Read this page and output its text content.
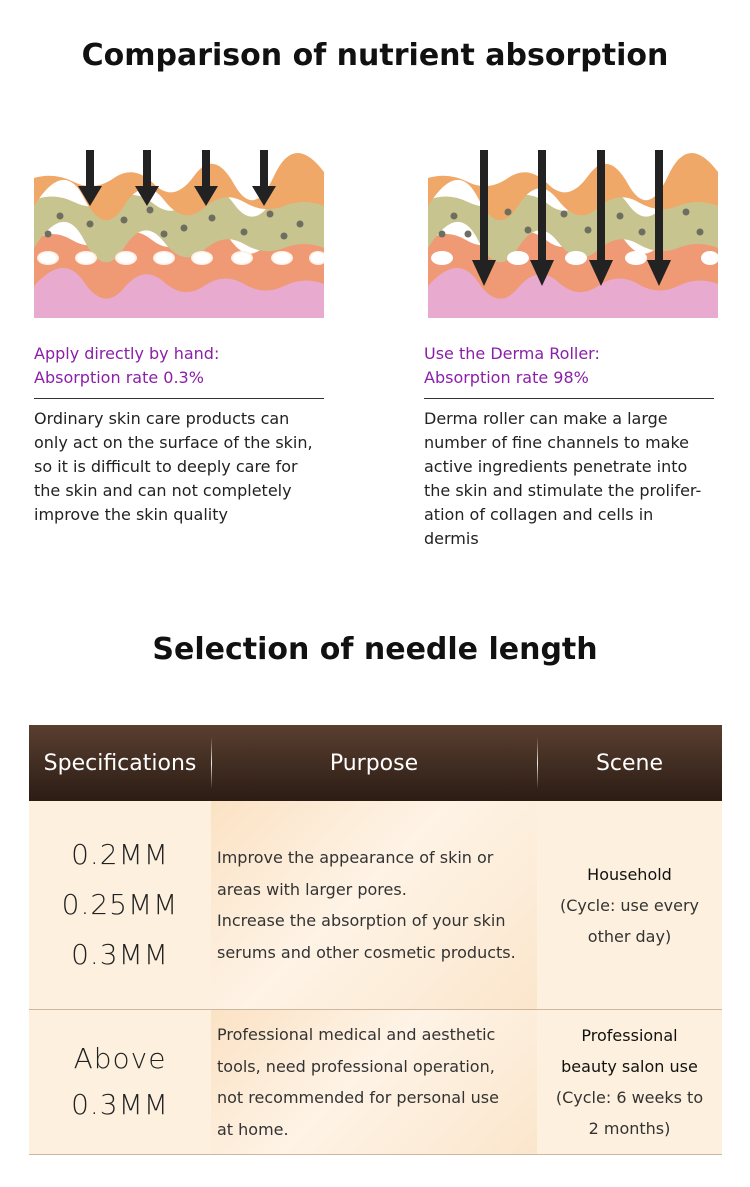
Comparison of nutrient absorption
Apply directly by hand:
Absorption rate 0.3%
Ordinary skin care products can
only act on the surface of the skin,
so it is difficult to deeply care for
the skin and can not completely
improve the skin quality
Use the Derma Roller:
Absorption rate 98%
Derma roller can make a large
number of fine channels to make
active ingredients penetrate into
the skin and stimulate the prolifer-
ation of collagen and cells in
dermis
Selection of needle length
Specifications	Purpose	Scene
0.2MM
0.25MM
0.3MM
Improve the appearance of skin or
areas with larger pores.
Increase the absorption of your skin
serums and other cosmetic products.
Household
(Cycle: use every
other day)
Above
0.3MM
Professional medical and aesthetic
tools, need professional operation,
not recommended for personal use
at home.
Professional
beauty salon use
(Cycle: 6 weeks to
2 months)
